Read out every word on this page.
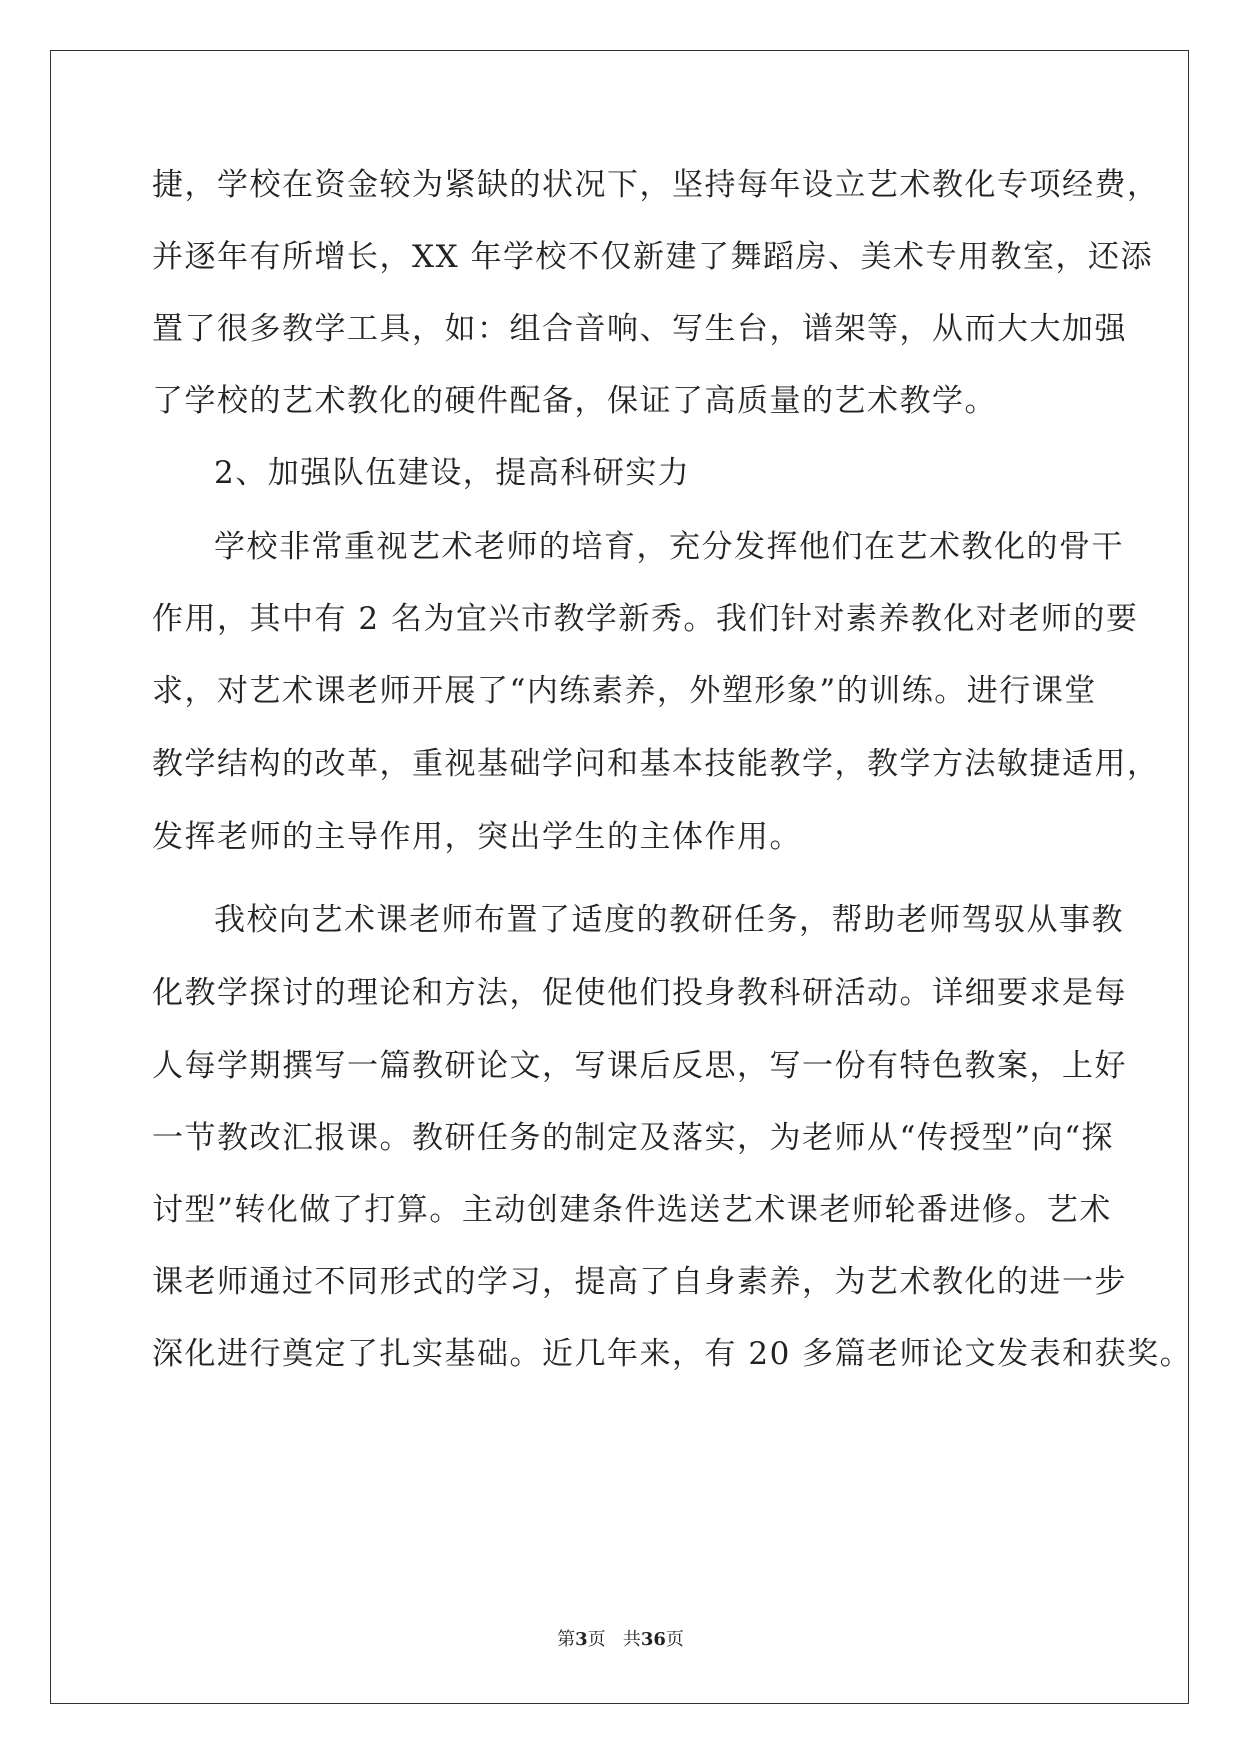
捷，学校在资金较为紧缺的状况下，坚持每年设立艺术教化专项经费，
并逐年有所增长，XX 年学校不仅新建了舞蹈房、美术专用教室，还添
置了很多教学工具，如：组合音响、写生台，谱架等，从而大大加强
了学校的艺术教化的硬件配备，保证了高质量的艺术教学。
2、加强队伍建设，提高科研实力
学校非常重视艺术老师的培育，充分发挥他们在艺术教化的骨干
作用，其中有 2 名为宜兴市教学新秀。我们针对素养教化对老师的要
求，对艺术课老师开展了“内练素养，外塑形象”的训练。进行课堂
教学结构的改革，重视基础学问和基本技能教学，教学方法敏捷适用，
发挥老师的主导作用，突出学生的主体作用。
我校向艺术课老师布置了适度的教研任务，帮助老师驾驭从事教
化教学探讨的理论和方法，促使他们投身教科研活动。详细要求是每
人每学期撰写一篇教研论文，写课后反思，写一份有特色教案，上好
一节教改汇报课。教研任务的制定及落实，为老师从“传授型”向“探
讨型”转化做了打算。主动创建条件选送艺术课老师轮番进修。艺术
课老师通过不同形式的学习，提高了自身素养，为艺术教化的进一步
深化进行奠定了扎实基础。近几年来，有 20 多篇老师论文发表和获奖。
第3页 共36页
